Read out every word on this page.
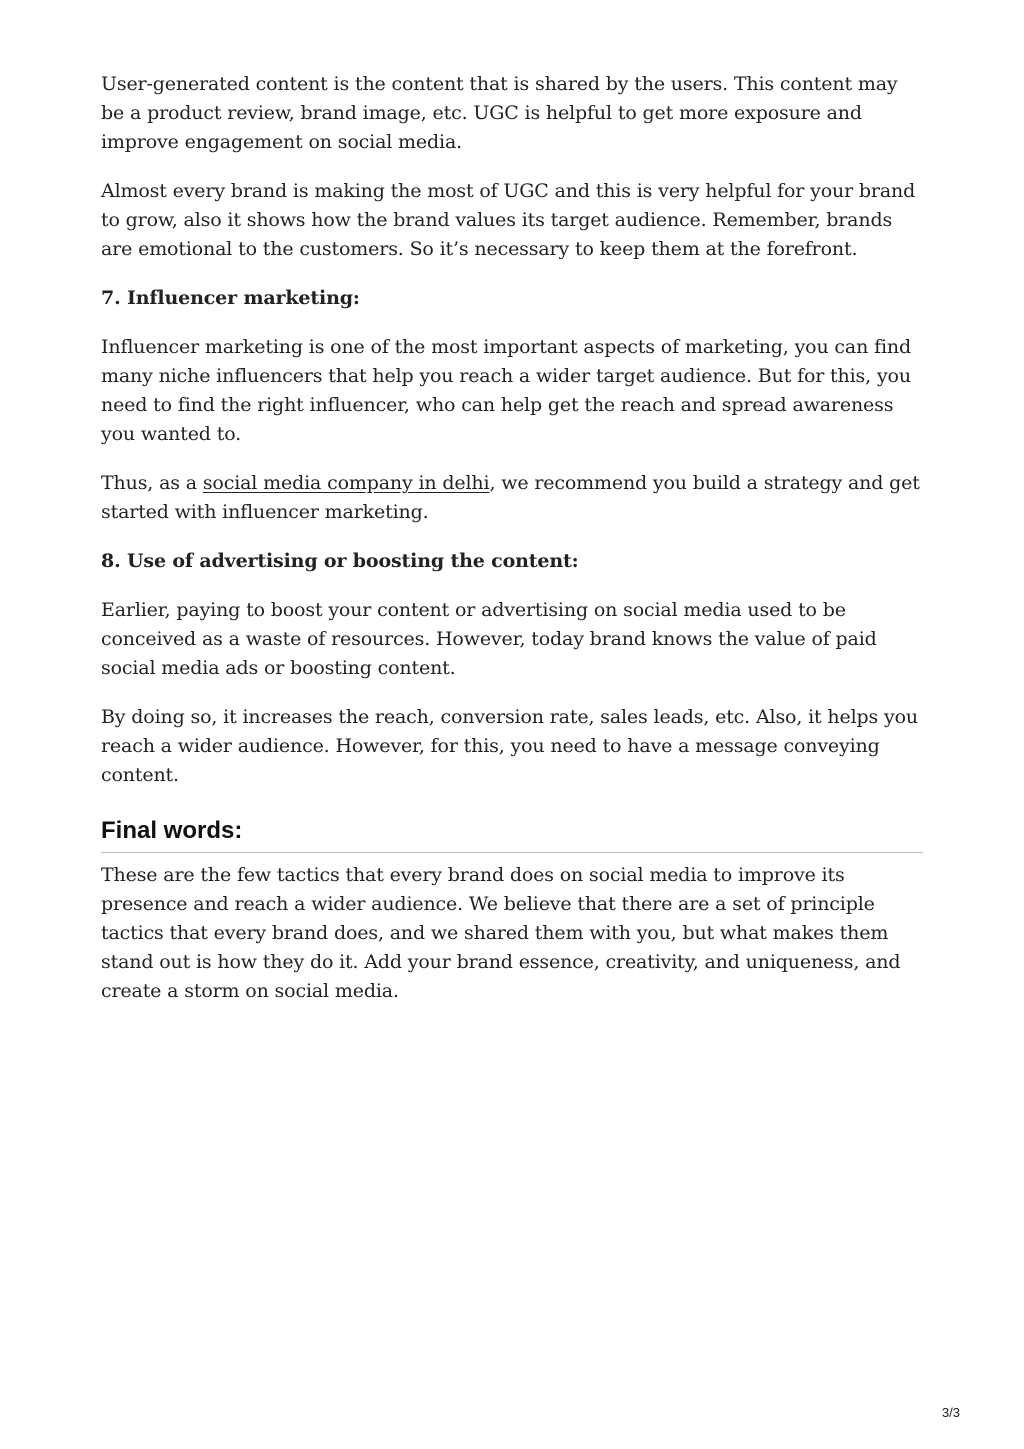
User-generated content is the content that is shared by the users. This content may be a product review, brand image, etc. UGC is helpful to get more exposure and improve engagement on social media.

Almost every brand is making the most of UGC and this is very helpful for your brand to grow, also it shows how the brand values its target audience. Remember, brands are emotional to the customers. So it’s necessary to keep them at the forefront.

7. Influencer marketing:

Influencer marketing is one of the most important aspects of marketing, you can find many niche influencers that help you reach a wider target audience. But for this, you need to find the right influencer, who can help get the reach and spread awareness you wanted to.

Thus, as a social media company in delhi, we recommend you build a strategy and get started with influencer marketing.

8. Use of advertising or boosting the content:

Earlier, paying to boost your content or advertising on social media used to be conceived as a waste of resources. However, today brand knows the value of paid social media ads or boosting content.

By doing so, it increases the reach, conversion rate, sales leads, etc. Also, it helps you reach a wider audience. However, for this, you need to have a message conveying content.

Final words:

These are the few tactics that every brand does on social media to improve its presence and reach a wider audience. We believe that there are a set of principle tactics that every brand does, and we shared them with you, but what makes them stand out is how they do it. Add your brand essence, creativity, and uniqueness, and create a storm on social media.

3/3
